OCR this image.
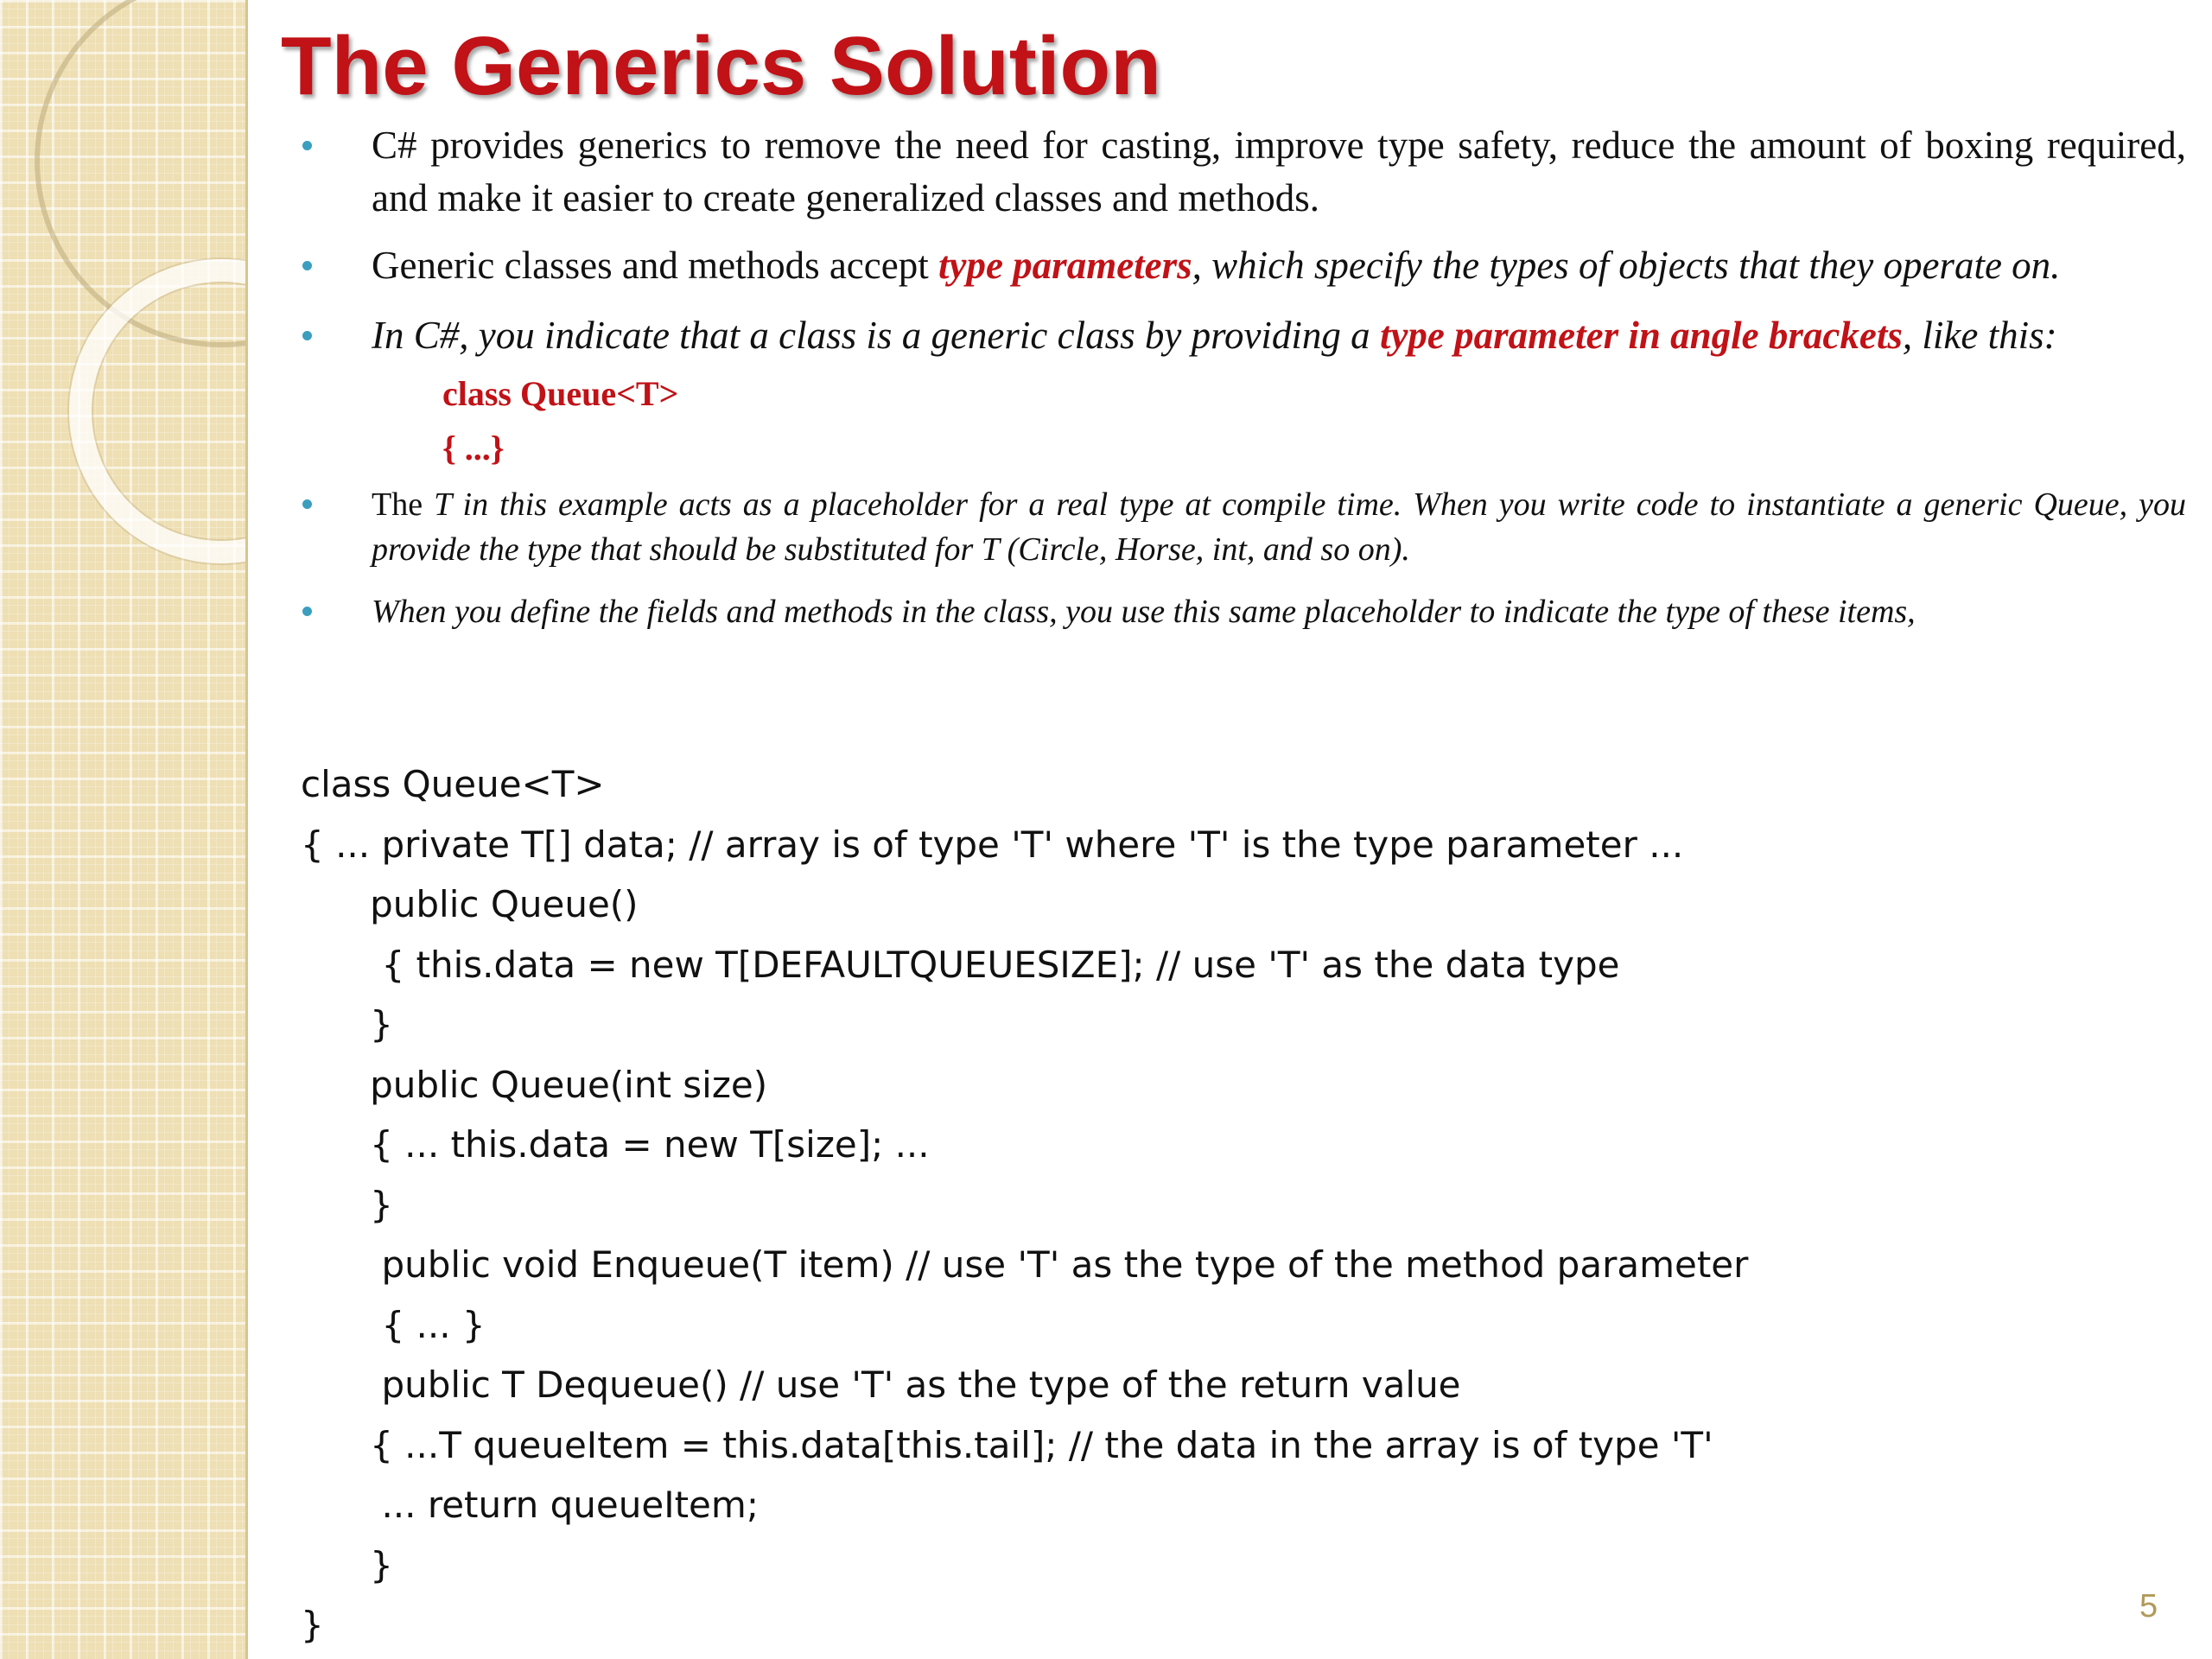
The Generics Solution
C# provides generics to remove the need for casting, improve type safety, reduce the amount of boxing required, and make it easier to create generalized classes and methods.
Generic classes and methods accept type parameters, which specify the types of objects that they operate on.
In C#, you indicate that a class is a generic class by providing a type parameter in angle brackets, like this:
class Queue<T>
{ ...}
The T in this example acts as a placeholder for a real type at compile time. When you write code to instantiate a generic Queue, you provide the type that should be substituted for T (Circle, Horse, int, and so on).
When you define the fields and methods in the class, you use this same placeholder to indicate the type of these items,
class Queue<T>
{ ... private T[] data; // array is of type 'T' where 'T' is the type parameter ...
public Queue()
{ this.data = new T[DEFAULTQUEUESIZE]; // use 'T' as the data type
}
public Queue(int size)
{ ... this.data = new T[size]; ...
}
public void Enqueue(T item) // use 'T' as the type of the method parameter
{ ... }
public T Dequeue() // use 'T' as the type of the return value
{ ...T queueItem = this.data[this.tail]; // the data in the array is of type 'T'
... return queueItem;
}
}	5
